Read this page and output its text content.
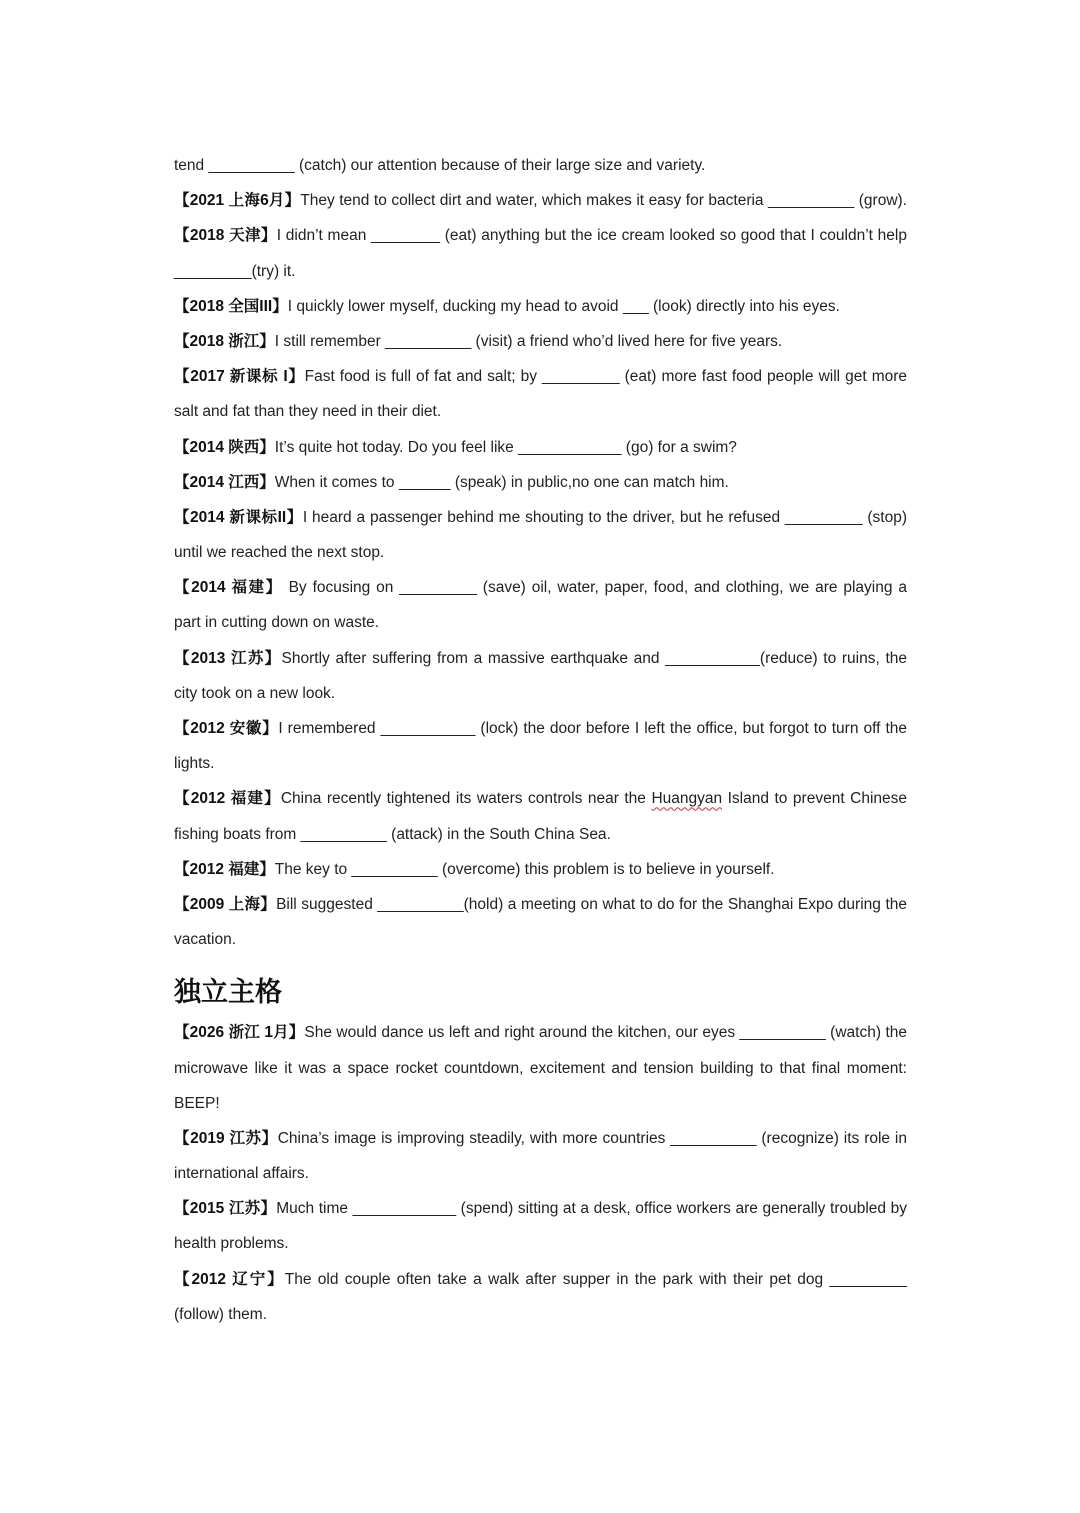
tend __________ (catch) our attention because of their large size and variety.
【2021 上海6月】They tend to collect dirt and water, which makes it easy for bacteria __________ (grow).
【2018 天津】I didn’t mean ________ (eat) anything but the ice cream looked so good that I couldn’t help
_________(try) it.
【2018 全国III】I quickly lower myself, ducking my head to avoid ___ (look) directly into his eyes.
【2018 浙江】I still remember __________ (visit) a friend who’d lived here for five years.
【2017 新课标 I】Fast food is full of fat and salt; by _________ (eat) more fast food people will get more
salt and fat than they need in their diet.
【2014 陕西】It’s quite hot today. Do you feel like ____________ (go) for a swim?
【2014 江西】When it comes to ______ (speak) in public,no one can match him.
【2014 新课标II】I heard a passenger behind me shouting to the driver, but he refused _________ (stop)
until we reached the next stop.
【2014 福建】 By focusing on _________ (save) oil, water, paper, food, and clothing, we are playing a
part in cutting down on waste.
【2013 江苏】Shortly after suffering from a massive earthquake and ___________(reduce) to ruins, the
city took on a new look.
【2012 安徽】I remembered ___________ (lock) the door before I left the office, but forgot to turn off the
lights.
【2012 福建】China recently tightened its waters controls near the Huangyan Island to prevent Chinese
fishing boats from __________ (attack) in the South China Sea.
【2012 福建】The key to __________ (overcome) this problem is to believe in yourself.
【2009 上海】Bill suggested __________(hold) a meeting on what to do for the Shanghai Expo during the
vacation.
独立主格
【2026 浙江 1月】She would dance us left and right around the kitchen, our eyes __________ (watch) the
microwave like it was a space rocket countdown, excitement and tension building to that final moment:
BEEP!
【2019 江苏】China’s image is improving steadily, with more countries __________ (recognize) its role in
international affairs.
【2015 江苏】Much time ____________ (spend) sitting at a desk, office workers are generally troubled by
health problems.
【2012 辽宁】The old couple often take a walk after supper in the park with their pet dog _________
(follow) them.
